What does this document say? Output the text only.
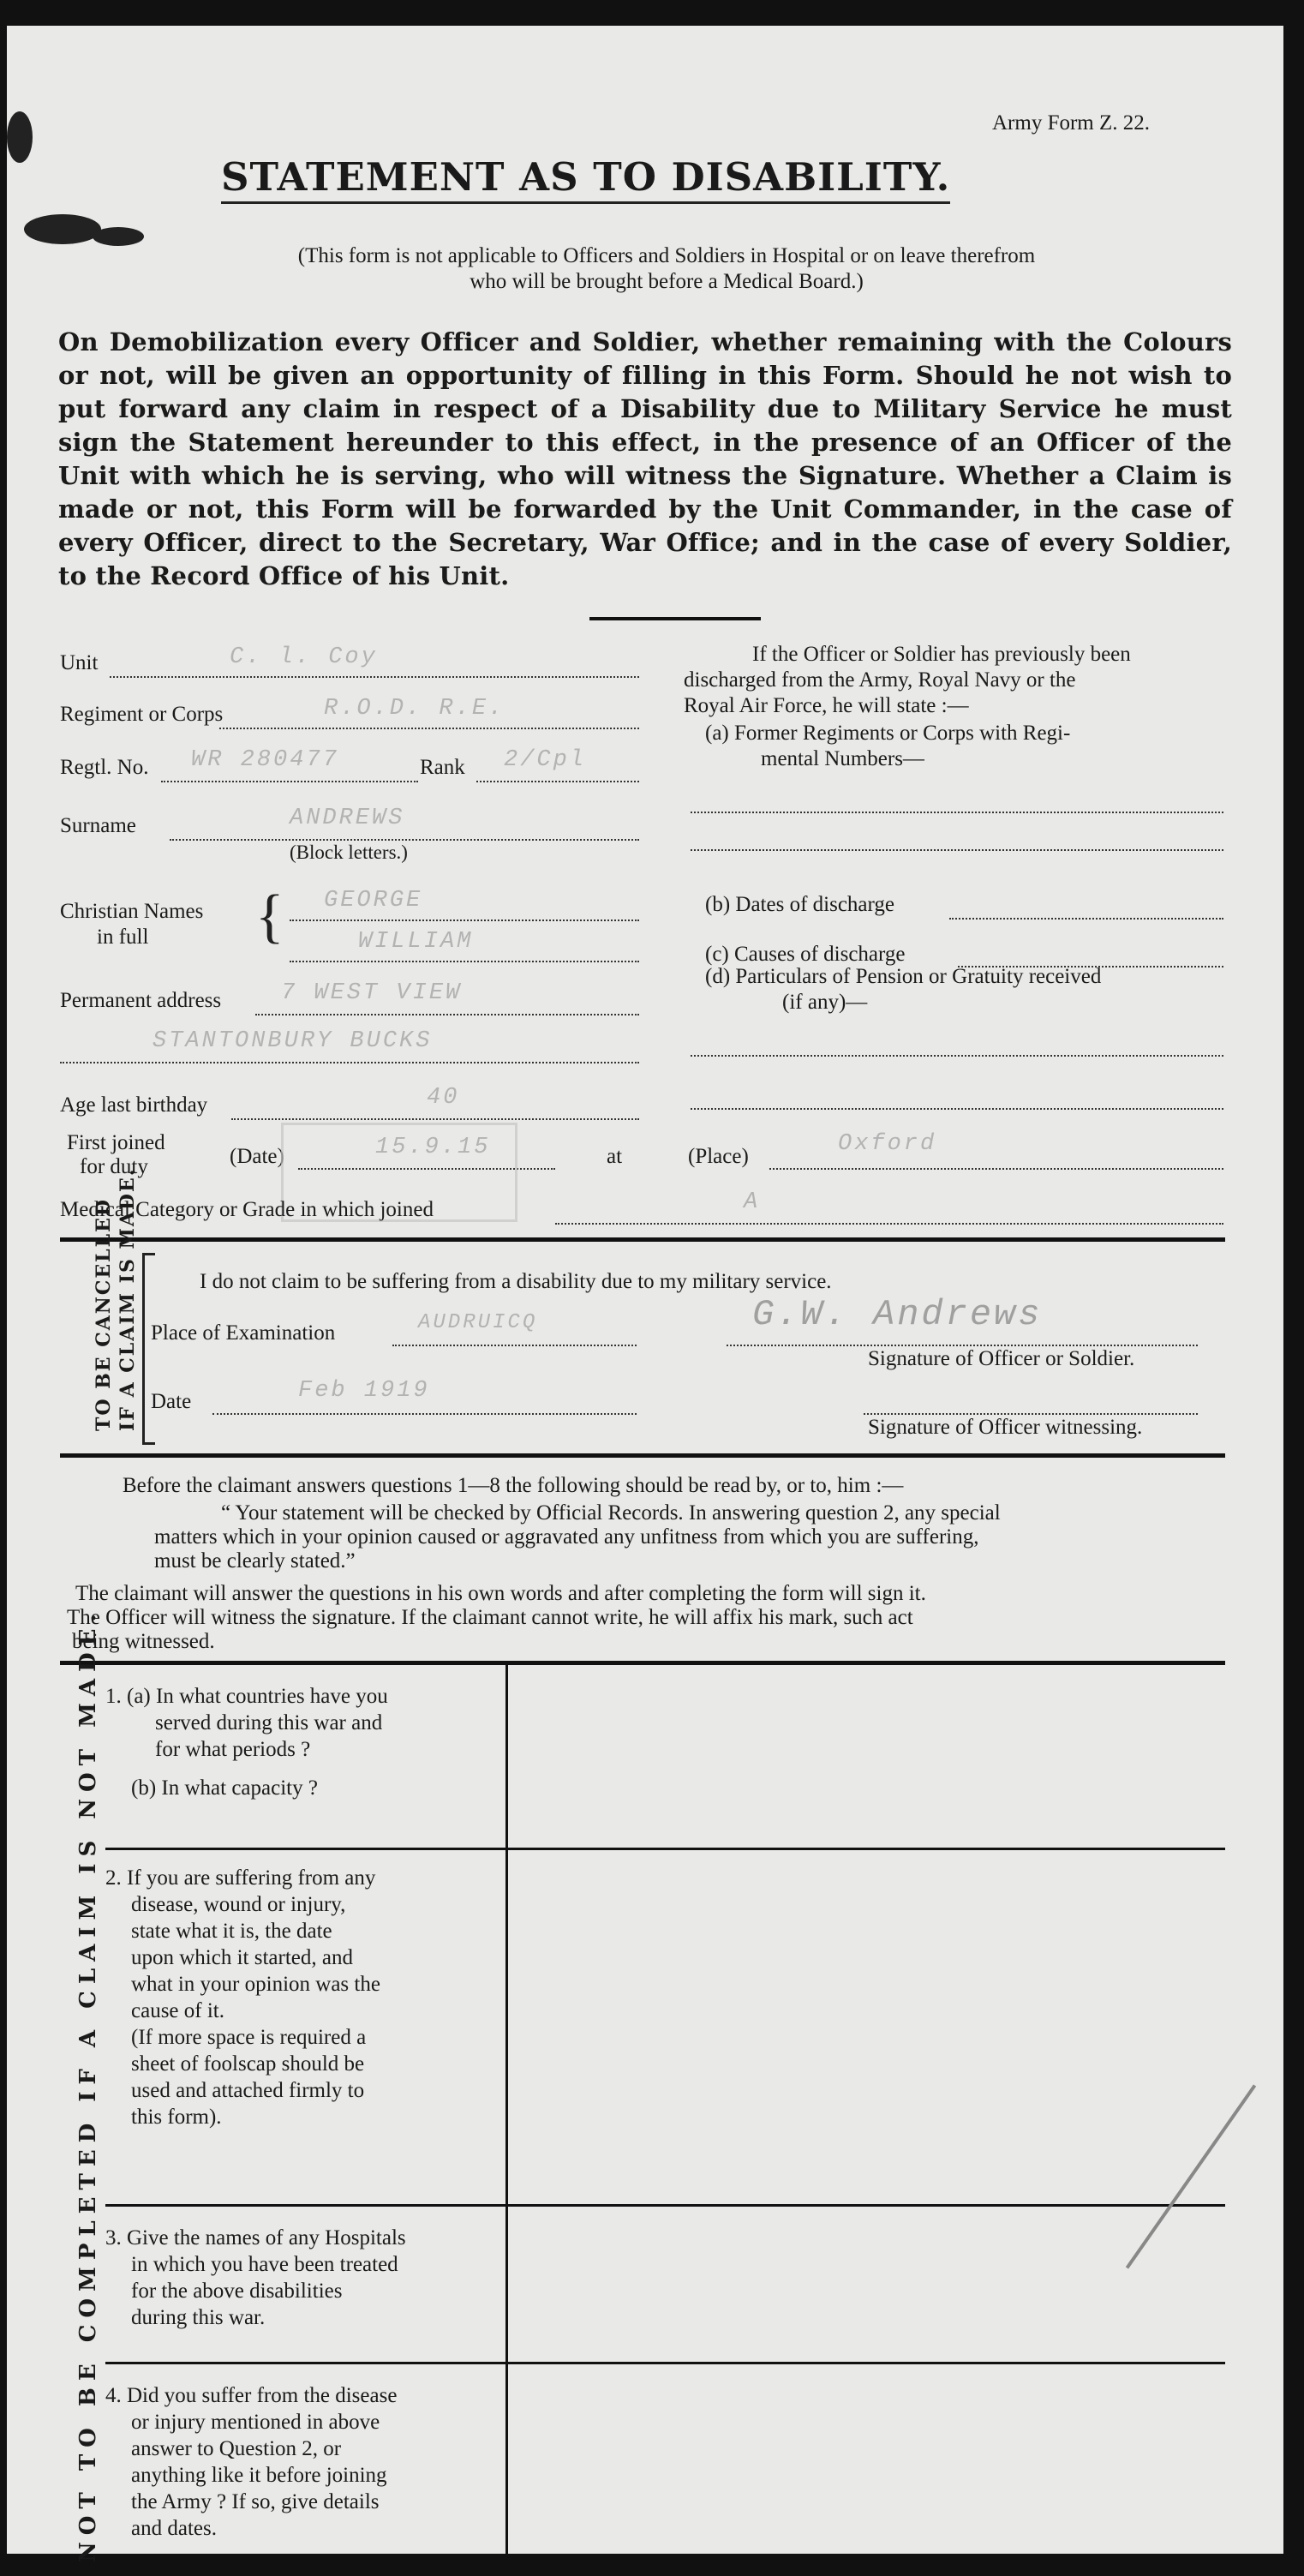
Army Form Z. 22.
STATEMENT AS TO DISABILITY.
(This form is not applicable to Officers and Soldiers in Hospital or on leave therefrom
who will be brought before a Medical Board.)

On Demobilization every Officer and Soldier, whether remaining with the Colours or not, will be given an opportunity of filling in this Form. Should he not wish to put forward any claim in respect of a Disability due to Military Service he must sign the Statement hereunder to this effect, in the presence of an Officer of the Unit with which he is serving, who will witness the Signature. Whether a Claim is made or not, this Form will be forwarded by the Unit Commander, in the case of every Officer, direct to the Secretary, War Office; and in the case of every Soldier, to the Record Office of his Unit.

Unit	C. l. Coy
Regiment or Corps	R.O.D. R.E.
Regtl. No. WR 280477	Rank 2/Cpl
Surname	ANDREWS
(Block letters.)
Christian Names
in full { GEORGE
WILLIAM
Permanent address	7 WEST VIEW
STANTONBURY BUCKS
Age last birthday	40
First joined
for duty	(Date)	15.9.15	at	(Place)	Oxford
Medical Category or Grade in which joined	A
If the Officer or Soldier has previously been
discharged from the Army, Royal Navy or the
Royal Air Force, he will state :—
(a) Former Regiments or Corps with Regi-
mental Numbers—
(b) Dates of discharge
(c) Causes of discharge
(d) Particulars of Pension or Gratuity received
(if any)—
TO BE CANCELLED IF A CLAIM IS MADE.	I do not claim to be suffering from a disability due to my military service.
Place of Examination	AUDRUICQ	G.W. Andrews
Signature of Officer or Soldier.
Date	Feb 1919
Signature of Officer witnessing.
Before the claimant answers questions 1—8 the following should be read by, or to, him :—
“ Your statement will be checked by Official Records. In answering question 2, any special
matters which in your opinion caused or aggravated any unfitness from which you are suffering,
must be clearly stated.”
The claimant will answer the questions in his own words and after completing the form will sign it.
The Officer will witness the signature. If the claimant cannot write, he will affix his mark, such act
being witnessed.
NOT TO BE COMPLETED IF A CLAIM IS NOT MADE. 1. (a) In what countries have you
served during this war and
for what periods ?
(b) In what capacity ?
2. If you are suffering from any
disease, wound or injury,
state what it is, the date
upon which it started, and
what in your opinion was the
cause of it.
(If more space is required a
sheet of foolscap should be
used and attached firmly to
this form).
3. Give the names of any Hospitals
in which you have been treated
for the above disabilities
during this war.
4. Did you suffer from the disease
or injury mentioned in above
answer to Question 2, or
anything like it before joining
the Army ? If so, give details
and dates.
